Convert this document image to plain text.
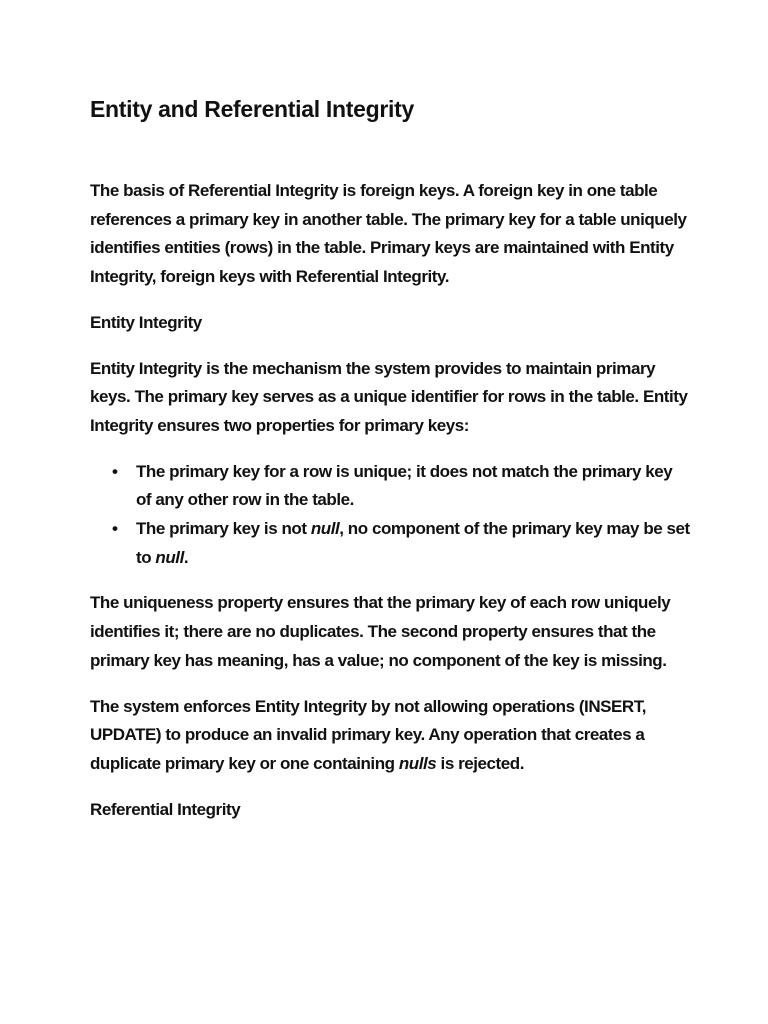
Entity and Referential Integrity

The basis of Referential Integrity is foreign keys. A foreign key in one table references a primary key in another table. The primary key for a table uniquely identifies entities (rows) in the table. Primary keys are maintained with Entity Integrity, foreign keys with Referential Integrity.

Entity Integrity

Entity Integrity is the mechanism the system provides to maintain primary keys. The primary key serves as a unique identifier for rows in the table. Entity Integrity ensures two properties for primary keys:

• The primary key for a row is unique; it does not match the primary key of any other row in the table.
• The primary key is not null, no component of the primary key may be set to null.

The uniqueness property ensures that the primary key of each row uniquely identifies it; there are no duplicates. The second property ensures that the primary key has meaning, has a value; no component of the key is missing.

The system enforces Entity Integrity by not allowing operations (INSERT, UPDATE) to produce an invalid primary key. Any operation that creates a duplicate primary key or one containing nulls is rejected.

Referential Integrity
